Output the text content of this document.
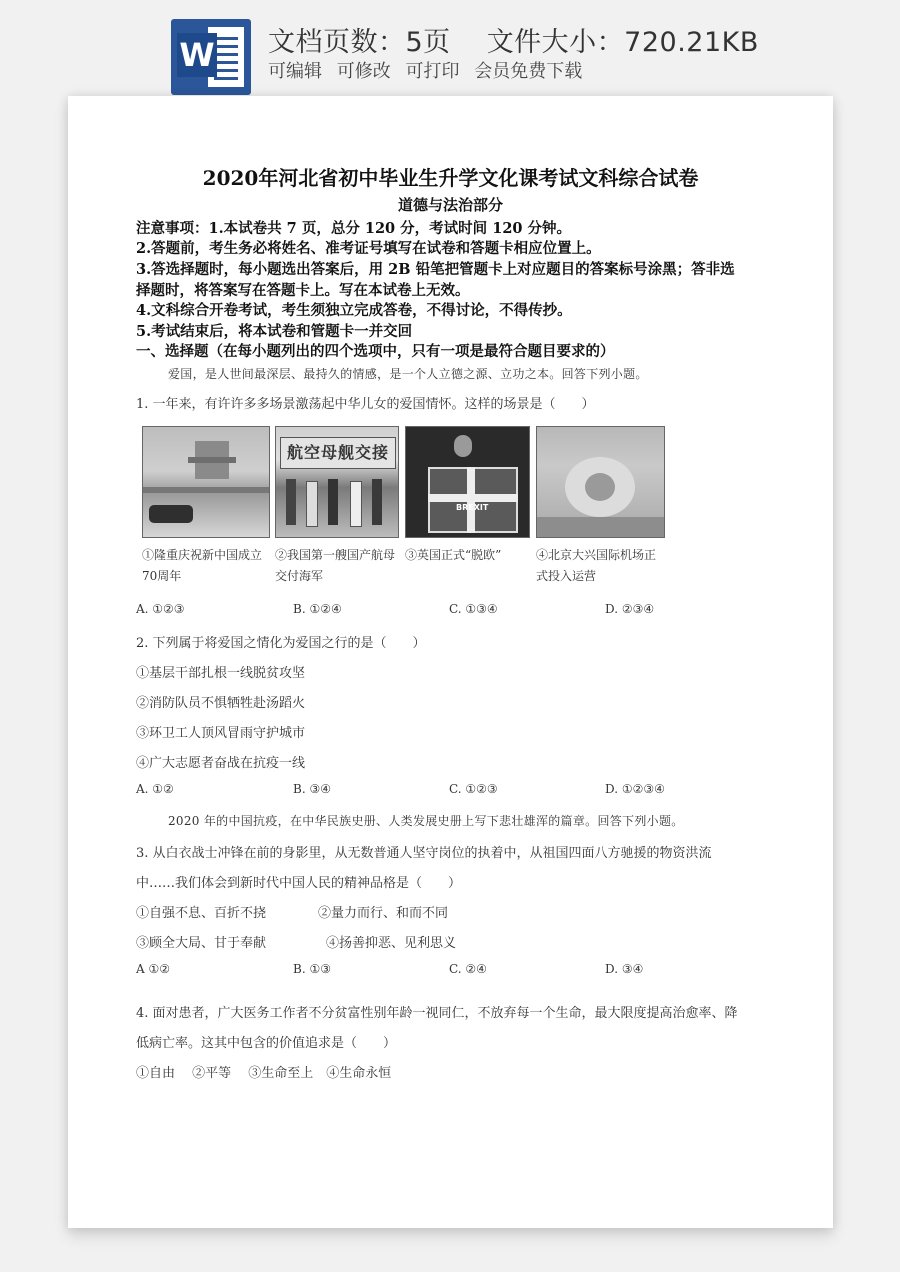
W 文档页数：5页 文件大小：720.21KB
可编辑 可修改 可打印 会员免费下载
2020年河北省初中毕业生升学文化课考试文科综合试卷
道德与法治部分
注意事项：1.本试卷共 7 页，总分 120 分，考试时间 120 分钟。
2.答题前，考生务必将姓名、准考证号填写在试卷和答题卡相应位置上。
3.答选择题时，每小题选出答案后，用 2B 铅笔把管题卡上对应题目的答案标号涂黑；答非选
择题时，将答案写在答题卡上。写在本试卷上无效。
4.文科综合开卷考试，考生须独立完成答卷，不得讨论，不得传抄。
5.考试结束后，将本试卷和管题卡一并交回
一、选择题（在每小题列出的四个选项中，只有一项是最符合题目要求的）
爱国，是人世间最深层、最持久的情感，是一个人立德之源、立功之本。回答下列小题。
1. 一年来，有许许多多场景激荡起中华儿女的爱国情怀。这样的场景是（　　）
航空母舰交接
BREXIT
①隆重庆祝新中国成立70周年
②我国第一艘国产航母交付海军
③英国正式“脱欧”	④北京大兴国际机场正式投入运营
A. ①②③	B. ①②④	C. ①③④	D. ②③④
2. 下列属于将爱国之情化为爱国之行的是（　　）
①基层干部扎根一线脱贫攻坚
②消防队员不惧牺牲赴汤蹈火
③环卫工人顶风冒雨守护城市
④广大志愿者奋战在抗疫一线
A. ①②	B. ③④	C. ①②③	D. ①②③④
2020 年的中国抗疫，在中华民族史册、人类发展史册上写下悲壮雄浑的篇章。回答下列小题。
3. 从白衣战士冲锋在前的身影里，从无数普通人坚守岗位的执着中，从祖国四面八方驰援的物资洪流
中……我们体会到新时代中国人民的精神品格是（　　）
①自强不息、百折不挠	②量力而行、和而不同
③顾全大局、甘于奉献	④扬善抑恶、见利思义
A ①②	B. ①③	C. ②④	D. ③④
4. 面对患者，广大医务工作者不分贫富性别年龄一视同仁，不放弃每一个生命，最大限度提高治愈率、降
低病亡率。这其中包含的价值追求是（　　）
①自由　 ②平等　 ③生命至上　④生命永恒
